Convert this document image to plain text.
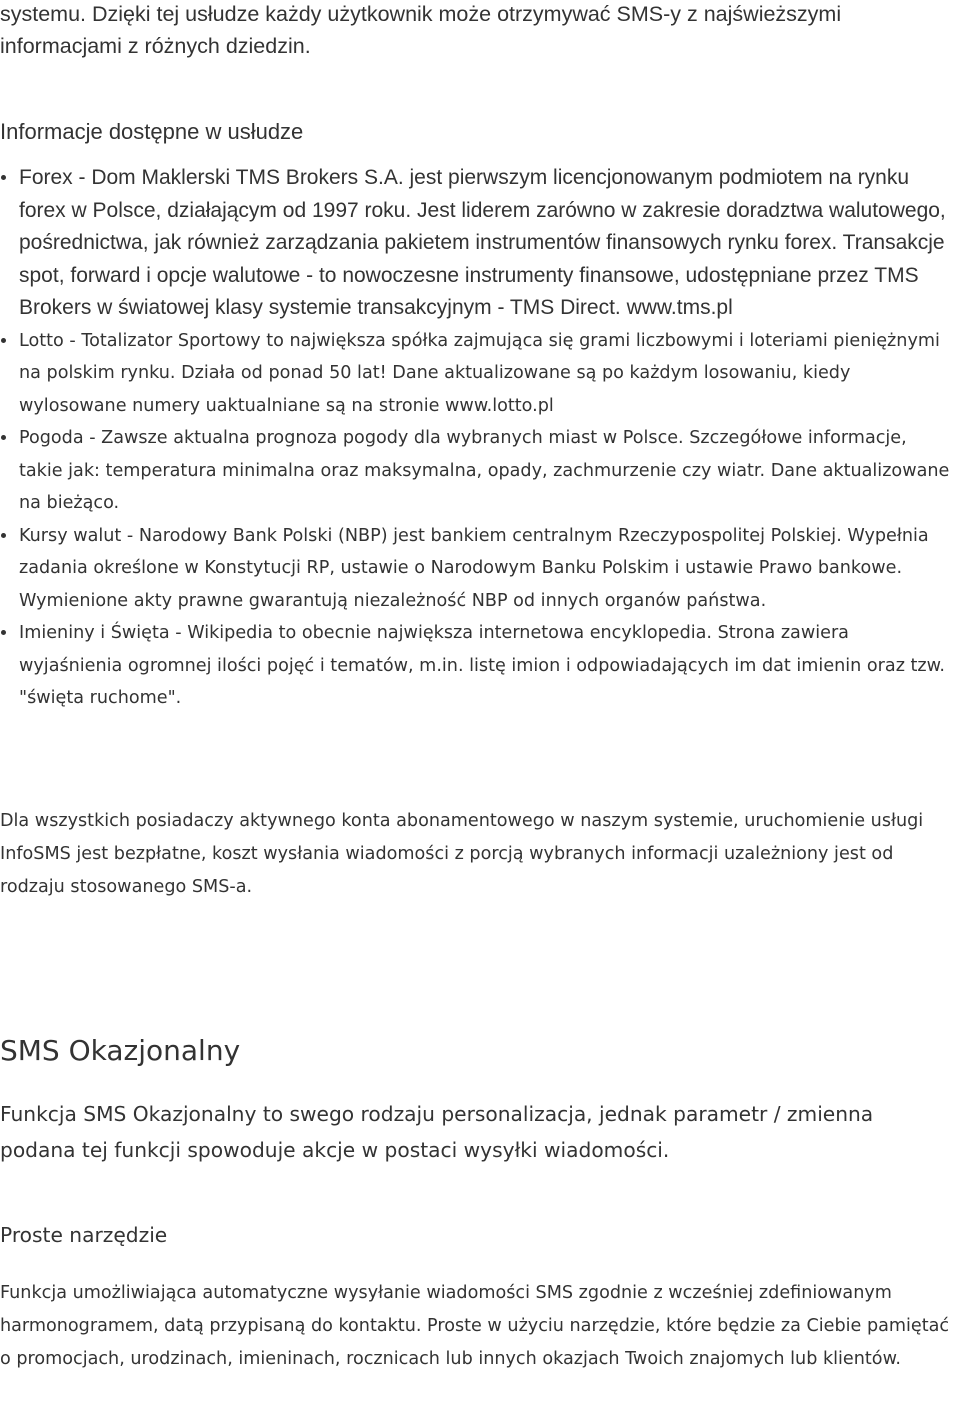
systemu. Dzięki tej usłudze każdy użytkownik może otrzymywać SMS-y z najświeższymi informacjami z różnych dziedzin.

Informacje dostępne w usłudze
Forex - Dom Maklerski TMS Brokers S.A. jest pierwszym licencjonowanym podmiotem na rynku forex w Polsce, działającym od 1997 roku. Jest liderem zarówno w zakresie doradztwa walutowego, pośrednictwa, jak również zarządzania pakietem instrumentów finansowych rynku forex. Transakcje spot, forward i opcje walutowe - to nowoczesne instrumenty finansowe, udostępniane przez TMS Brokers w światowej klasy systemie transakcyjnym - TMS Direct. www.tms.pl
Lotto - Totalizator Sportowy to największa spółka zajmująca się grami liczbowymi i loteriami pieniężnymi na polskim rynku. Działa od ponad 50 lat! Dane aktualizowane są po każdym losowaniu, kiedy wylosowane numery uaktualniane są na stronie www.lotto.pl
Pogoda - Zawsze aktualna prognoza pogody dla wybranych miast w Polsce. Szczegółowe informacje, takie jak: temperatura minimalna oraz maksymalna, opady, zachmurzenie czy wiatr. Dane aktualizowane na bieżąco.
Kursy walut - Narodowy Bank Polski (NBP) jest bankiem centralnym Rzeczypospolitej Polskiej. Wypełnia zadania określone w Konstytucji RP, ustawie o Narodowym Banku Polskim i ustawie Prawo bankowe. Wymienione akty prawne gwarantują niezależność NBP od innych organów państwa.
Imieniny i Święta - Wikipedia to obecnie największa internetowa encyklopedia. Strona zawiera wyjaśnienia ogromnej ilości pojęć i tematów, m.in. listę imion i odpowiadających im dat imienin oraz tzw. "święta ruchome".

Dla wszystkich posiadaczy aktywnego konta abonamentowego w naszym systemie, uruchomienie usługi InfoSMS jest bezpłatne, koszt wysłania wiadomości z porcją wybranych informacji uzależniony jest od rodzaju stosowanego SMS-a.

SMS Okazjonalny

Funkcja SMS Okazjonalny to swego rodzaju personalizacja, jednak parametr / zmienna podana tej funkcji spowoduje akcje w postaci wysyłki wiadomości.

Proste narzędzie

Funkcja umożliwiająca automatyczne wysyłanie wiadomości SMS zgodnie z wcześniej zdefiniowanym harmonogramem, datą przypisaną do kontaktu. Proste w użyciu narzędzie, które będzie za Ciebie pamiętać o promocjach, urodzinach, imieninach, rocznicach lub innych okazjach Twoich znajomych lub klientów.
